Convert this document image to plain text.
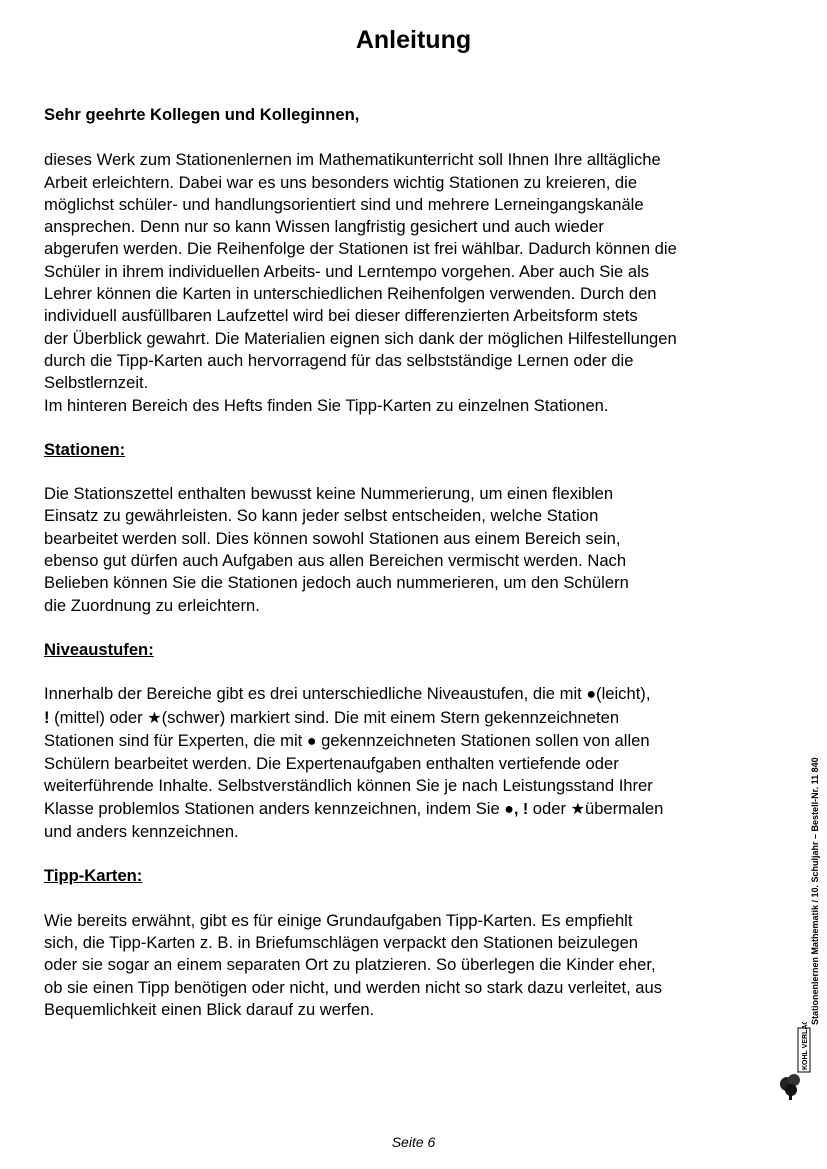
Anleitung

Sehr geehrte Kollegen und Kolleginnen,

dieses Werk zum Stationenlernen im Mathematikunterricht soll Ihnen Ihre alltägliche
Arbeit erleichtern. Dabei war es uns besonders wichtig Stationen zu kreieren, die
möglichst schüler- und handlungsorientiert sind und mehrere Lerneingangskanäle
ansprechen. Denn nur so kann Wissen langfristig gesichert und auch wieder
abgerufen werden. Die Reihenfolge der Stationen ist frei wählbar. Dadurch können die
Schüler in ihrem individuellen Arbeits- und Lerntempo vorgehen. Aber auch Sie als
Lehrer können die Karten in unterschiedlichen Reihenfolgen verwenden. Durch den
individuell ausfüllbaren Laufzettel wird bei dieser differenzierten Arbeitsform stets
der Überblick gewahrt. Die Materialien eignen sich dank der möglichen Hilfestellungen
durch die Tipp-Karten auch hervorragend für das selbstständige Lernen oder die
Selbstlernzeit.
Im hinteren Bereich des Hefts finden Sie Tipp-Karten zu einzelnen Stationen.

Stationen:

Die Stationszettel enthalten bewusst keine Nummerierung, um einen flexiblen
Einsatz zu gewährleisten. So kann jeder selbst entscheiden, welche Station
bearbeitet werden soll. Dies können sowohl Stationen aus einem Bereich sein,
ebenso gut dürfen auch Aufgaben aus allen Bereichen vermischt werden. Nach
Belieben können Sie die Stationen jedoch auch nummerieren, um den Schülern
die Zuordnung zu erleichtern.

Niveaustufen:

Innerhalb der Bereiche gibt es drei unterschiedliche Niveaustufen, die mit ●(leicht),
! (mittel) oder ★(schwer) markiert sind. Die mit einem Stern gekennzeichneten
Stationen sind für Experten, die mit ● gekennzeichneten Stationen sollen von allen
Schülern bearbeitet werden. Die Expertenaufgaben enthalten vertiefende oder
weiterführende Inhalte. Selbstverständlich können Sie je nach Leistungsstand Ihrer
Klasse problemlos Stationen anders kennzeichnen, indem Sie ●, ! oder ★übermalen
und anders kennzeichnen.

Tipp-Karten:

Wie bereits erwähnt, gibt es für einige Grundaufgaben Tipp-Karten. Es empfiehlt
sich, die Tipp-Karten z. B. in Briefumschlägen verpackt den Stationen beizulegen
oder sie sogar an einem separaten Ort zu platzieren. So überlegen die Kinder eher,
ob sie einen Tipp benötigen oder nicht, und werden nicht so stark dazu verleitet, aus
Bequemlichkeit einen Blick darauf zu werfen.	Stationenlernen Mathematik / 10. Schuljahr – Bestell-Nr. 11 840
KOHL VERLAG
Seite 6
